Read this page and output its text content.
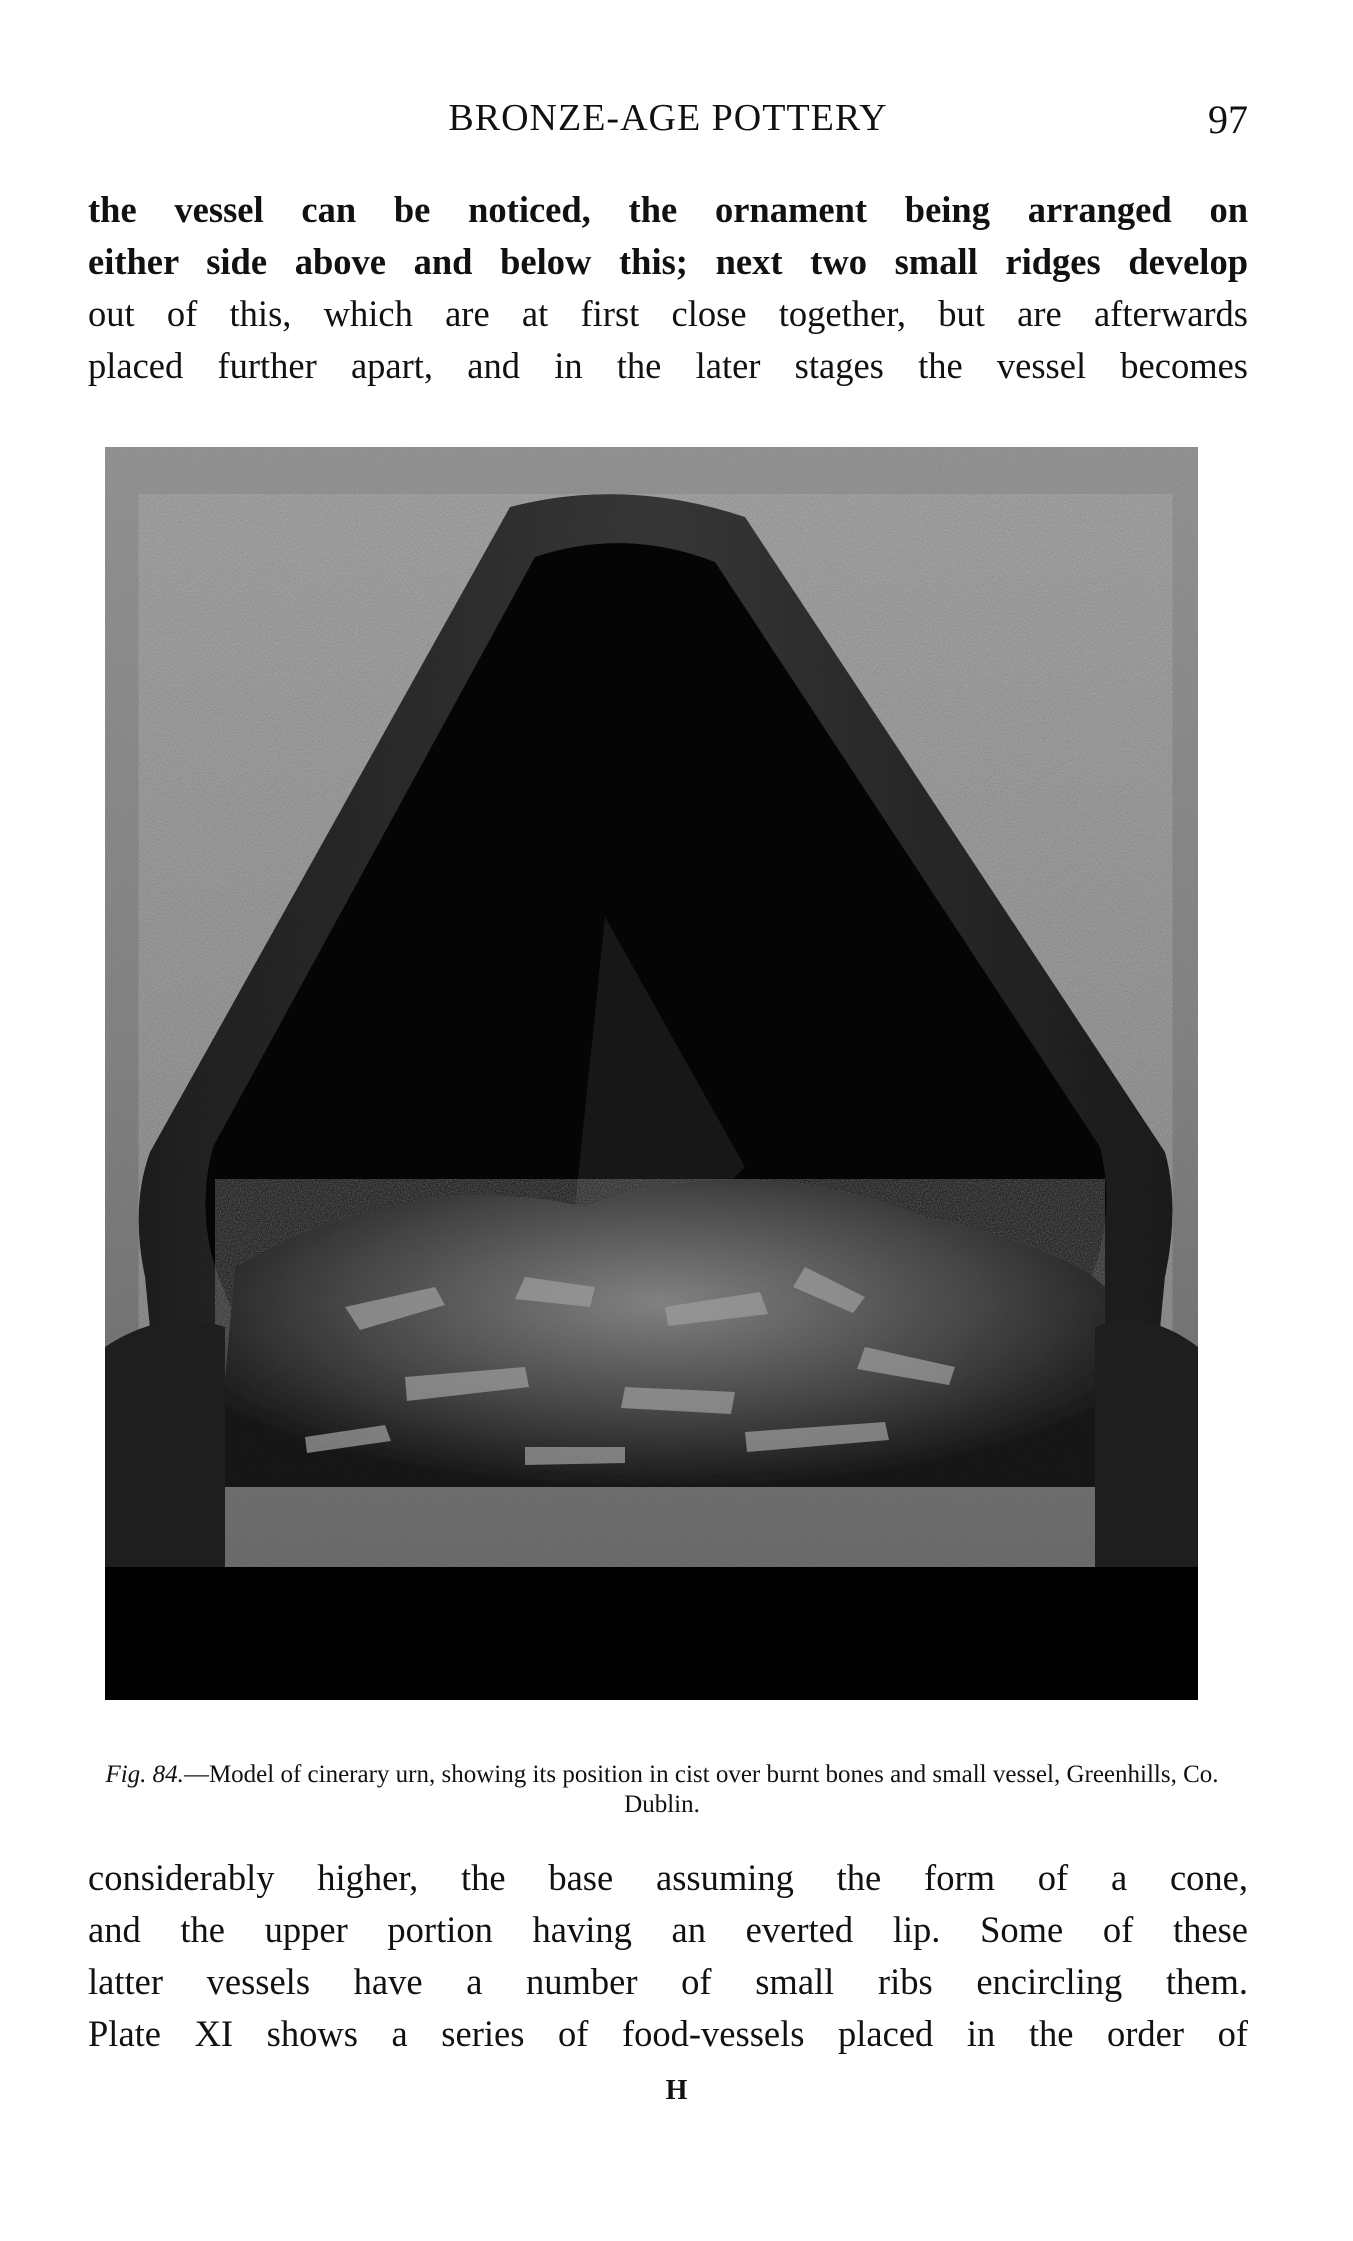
BRONZE-AGE POTTERY	97
the vessel can be noticed, the ornament being arranged on
either side above and below this; next two small ridges develop
out of this, which are at first close together, but are afterwards
placed further apart, and in the later stages the vessel becomes
Fig. 84.—Model of cinerary urn, showing its position in cist over burnt bones and small vessel, Greenhills, Co. Dublin.
considerably higher, the base assuming the form of a cone,
and the upper portion having an everted lip. Some of these
latter vessels have a number of small ribs encircling them.
Plate XI shows a series of food-vessels placed in the order of
H
